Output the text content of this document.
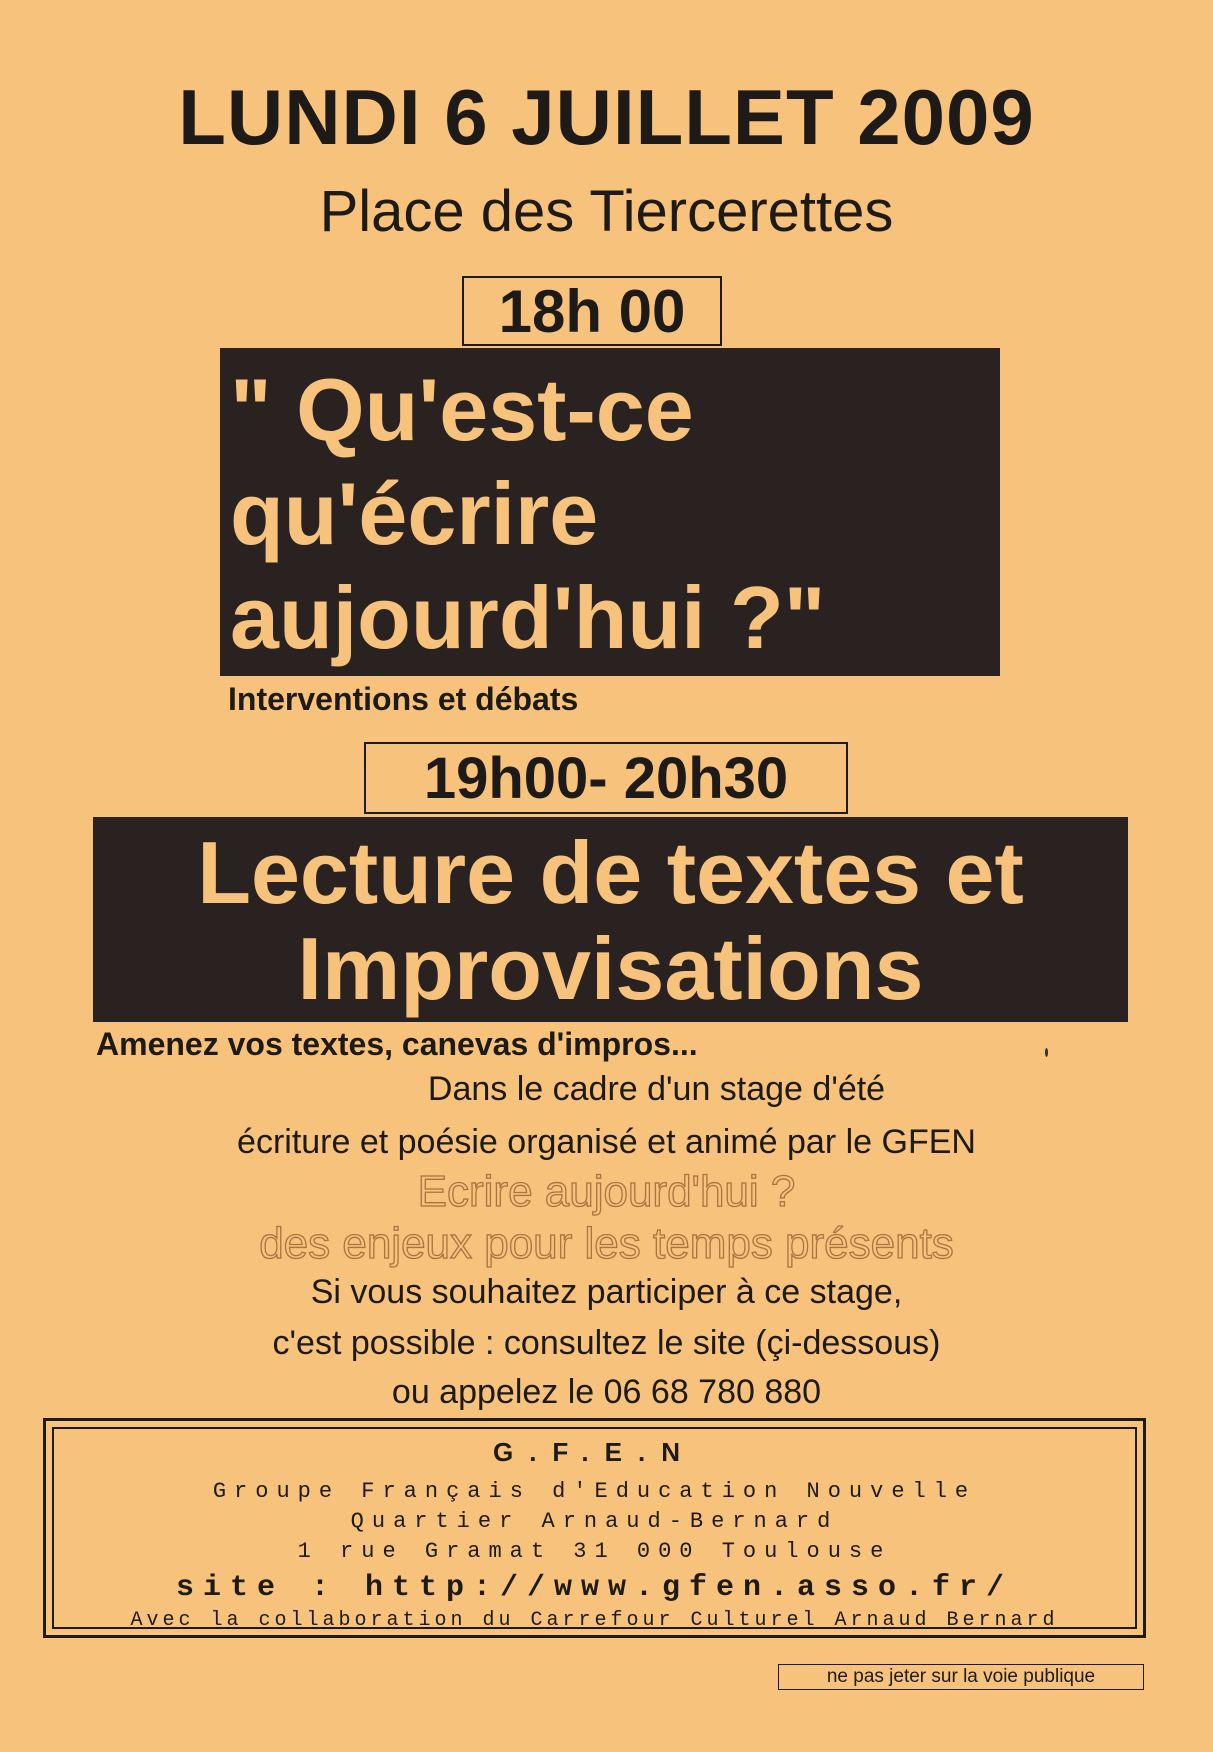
LUNDI 6 JUILLET 2009
Place des Tiercerettes
18h 00
" Qu'est-ce
qu'écrire
aujourd'hui ?"
Interventions et débats
19h00- 20h30
Lecture de textes et
Improvisations
Amenez vos textes, canevas d'impros...
Dans le cadre d'un stage d'été
écriture et poésie organisé et animé par le GFEN
Ecrire aujourd'hui ?
des enjeux pour les temps présents
Si vous souhaitez participer à ce stage,
c'est possible : consultez le site (çi-dessous)
ou appelez le 06 68 780 880
G.F.E.N
Groupe Français d'Education Nouvelle
Quartier Arnaud-Bernard
1 rue Gramat 31 000 Toulouse
site : http://www.gfen.asso.fr/
Avec la collaboration du Carrefour Culturel Arnaud Bernard
ne pas jeter sur la voie publique
